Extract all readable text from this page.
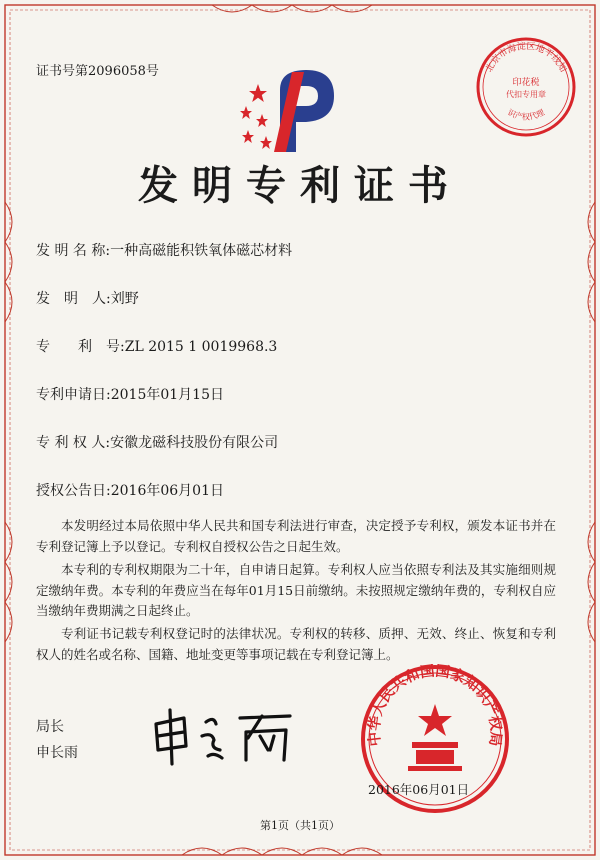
证书号第2096058号	北京市海淀区地平线知
印花税
代扣专用章
识产权代理
发明专利证书
发 明 名 称:一种高磁能积铁氧体磁芯材料
发　明　人:刘野
专　　利　号:ZL 2015 1 0019968.3
专利申请日:2015年01月15日
专 利 权 人:安徽龙磁科技股份有限公司
授权公告日:2016年06月01日
本发明经过本局依照中华人民共和国专利法进行审查，决定授予专利权，颁发本证书并在专利登记簿上予以登记。专利权自授权公告之日起生效。
本专利的专利权期限为二十年，自申请日起算。专利权人应当依照专利法及其实施细则规定缴纳年费。本专利的年费应当在每年01月15日前缴纳。未按照规定缴纳年费的，专利权自应当缴纳年费期满之日起终止。
专利证书记载专利权登记时的法律状况。专利权的转移、质押、无效、终止、恢复和专利权人的姓名或名称、国籍、地址变更等事项记载在专利登记簿上。
局长
申长雨
中华人民共和国国家知识产权局
2016年06月01日
第1页（共1页）
